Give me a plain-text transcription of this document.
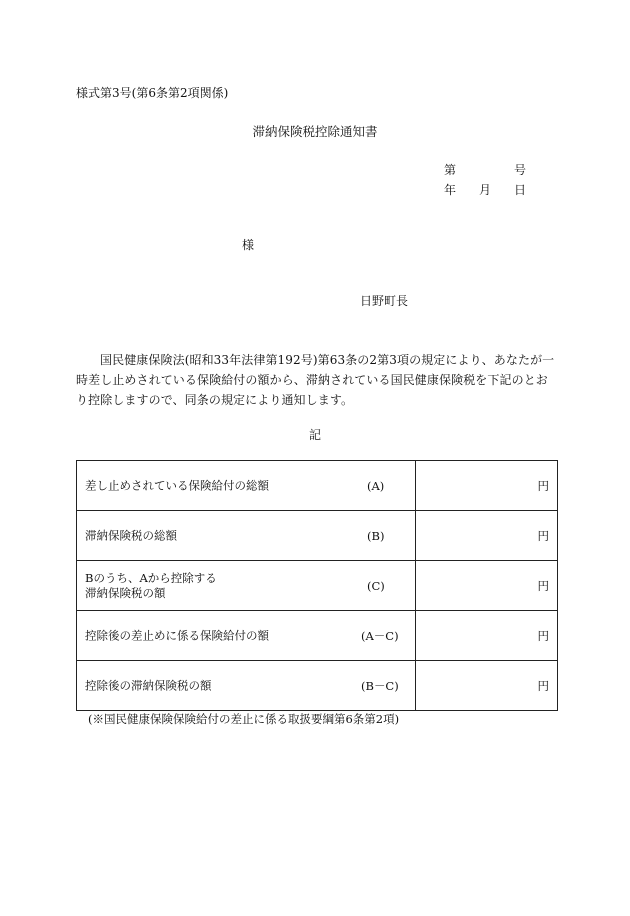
様式第3号(第6条第2項関係)
滞納保険税控除通知書
第	号
年 月 日
様
日野町長
国民健康保険法(昭和33年法律第192号)第63条の2第3項の規定により、あなたが一時差し止めされている保険給付の額から、滞納されている国民健康保険税を下記のとおり控除しますので、同条の規定により通知します。
記
差し止めされている保険給付の総額 (A)	円

滞納保険税の総額 (B)	円

Bのうち、Aから控除する
滞納保険税の額 (C)	円

控除後の差止めに係る保険給付の額 (A－C)	円

控除後の滞納保険税の額 (B－C)	円
(※国民健康保険保険給付の差止に係る取扱要綱第6条第2項)
